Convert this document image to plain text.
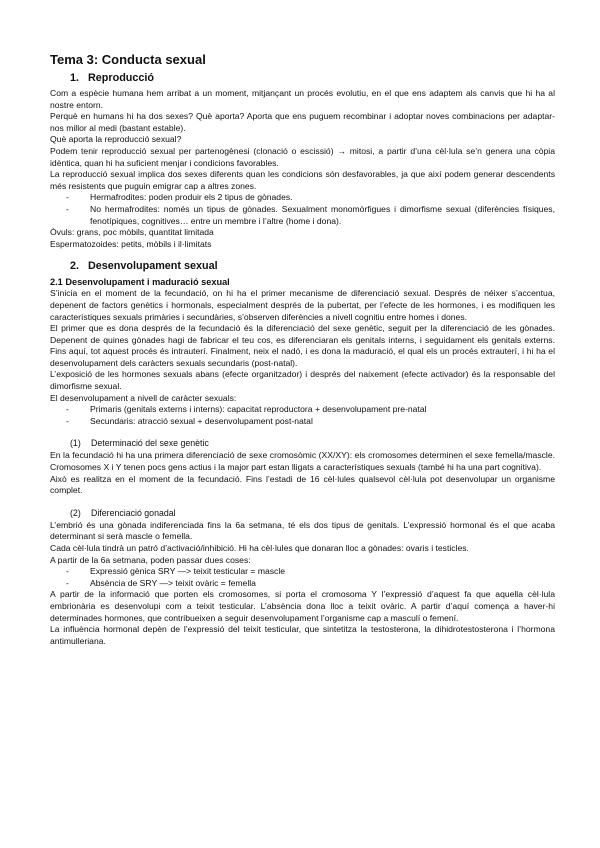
Tema 3: Conducta sexual
1. Reproducció

Com a espècie humana hem arribat a un moment, mitjançant un procés evolutiu, en el que ens adaptem als canvis que hi ha al nostre entorn.

Perquè en humans hi ha dos sexes? Què aporta? Aporta que ens puguem recombinar i adoptar noves combinacions per adaptar-nos millor al medi (bastant estable).

Què aporta la reproducció sexual?

Podem tenir reproducció sexual per partenogènesi (clonació o escissió) → mitosi, a partir d’una cèl·lula se’n genera una còpia idèntica, quan hi ha suficient menjar i condicions favorables.

La reproducció sexual implica dos sexes diferents quan les condicions són desfavorables, ja que així podem generar descendents més resistents que puguin emigrar cap a altres zones.

- Hermafrodites: poden produir els 2 tipus de gònades.
- No hermafrodites: només un tipus de gònades. Sexualment monomòrfigues i dimorfisme sexual (diferències físiques, fenotípiques, cognitives… entre un membre i l’altre (home i dona).

Òvuls: grans, poc mòbils, quantitat limitada

Espermatozoides: petits, mòbils i il·limitats

2. Desenvolupament sexual
2.1 Desenvolupament i maduració sexual

S’inicia en el moment de la fecundació, on hi ha el primer mecanisme de diferenciació sexual. Després de néixer s’accentua, depenent de factors genètics i hormonals, especialment després de la pubertat, per l’efecte de les hormones, i es modifiquen les característiques sexuals primàries i secundàries, s’observen diferències a nivell cognitiu entre homes i dones.

El primer que es dona després de la fecundació és la diferenciació del sexe genètic, seguit per la diferenciació de les gònades. Depenent de quines gònades hagi de fabricar el teu cos, es diferenciaran els genitals interns, i seguidament els genitals externs. Fins aquí, tot aquest procés és intrauterí. Finalment, neix el nadó, i es dona la maduració, el qual els un procés extrauterí, i hi ha el desenvolupament dels caràcters sexuals secundaris (post-natal).

L’exposició de les hormones sexuals abans (efecte organitzador) i després del naixement (efecte activador) és la responsable del dimorfisme sexual.

El desenvolupament a nivell de caràcter sexuals:

- Primaris (genitals externs i interns): capacitat reproductora + desenvolupament pre-natal
- Secundaris: atracció sexual + desenvolupament post-natal
(1) Determinació del sexe genètic

En la fecundació hi ha una primera diferenciació de sexe cromosòmic (XX/XY): els cromosomes determinen el sexe femella/mascle. Cromosomes X i Y tenen pocs gens actius i la major part estan lligats a característiques sexuals (també hi ha una part cognitiva).

Això es realitza en el moment de la fecundació. Fins l’estadi de 16 cèl·lules qualsevol cèl·lula pot desenvolupar un organisme complet.

(2) Diferenciació gonadal

L’embrió és una gònada indiferenciada fins la 6a setmana, té els dos tipus de genitals. L’expressió hormonal és el que acaba determinant si serà mascle o femella.

Cada cèl·lula tindrà un patró d’activació/inhibició. Hi ha cèl·lules que donaran lloc a gònades: ovaris i testicles.

A partir de la 6a setmana, poden passar dues coses:

- Expressió gènica SRY —> teixit testicular = mascle
- Absència de SRY —> teixit ovàric = femella

A partir de la informació que porten els cromosomes, si porta el cromosoma Y l’expressió d’aquest fa que aquella cèl·lula embrionària es desenvolupi com a teixit testicular. L’absència dona lloc a teixit ovàric. A partir d’aquí comença a haver-hi determinades hormones, que contribueixen a seguir desenvolupament l’organisme cap a masculí o femení.

La influència hormonal depèn de l’expressió del teixit testicular, que sintetitza la testosterona, la dihidrotestosterona i l’hormona antimulleriana.
